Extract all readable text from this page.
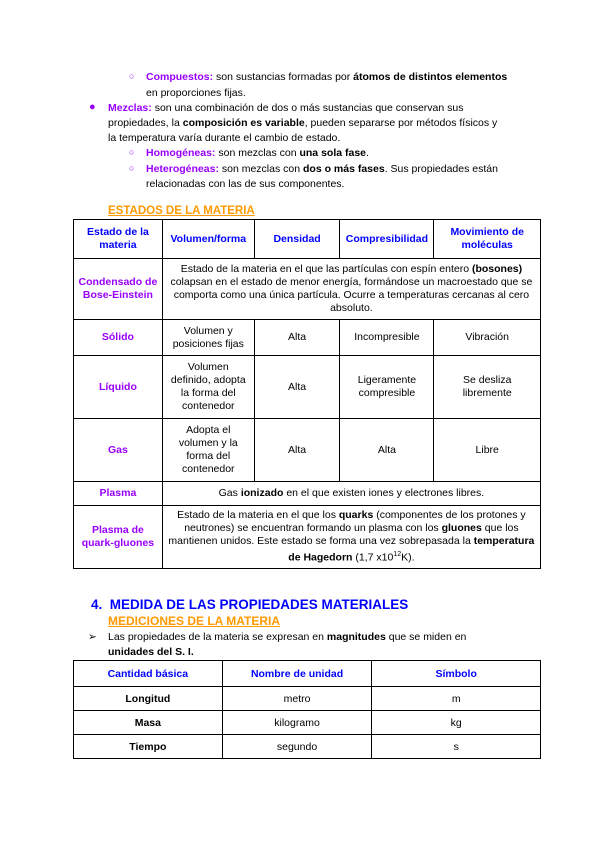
○ Compuestos: son sustancias formadas por átomos de distintos elementos
en proporciones fijas.
● Mezclas: son una combinación de dos o más sustancias que conservan sus
propiedades, la composición es variable, pueden separarse por métodos físicos y
la temperatura varía durante el cambio de estado.
○ Homogéneas: son mezclas con una sola fase.
○ Heterogéneas: son mezclas con dos o más fases. Sus propiedades están
relacionadas con las de sus componentes.
ESTADOS DE LA MATERIA
Estado de la materia	Volumen/forma	Densidad	Compresibilidad	Movimiento de moléculas
Condensado de Bose-Einstein	Estado de la materia en el que las partículas con espín entero (bosones) colapsan en el estado de menor energía, formándose un macroestado que se comporta como una única partícula. Ocurre a temperaturas cercanas al cero absoluto.			
Sólido	Volumen y posiciones fijas	Alta	Incompresible	Vibración
Líquido	Volumen definido, adopta la forma del contenedor	Alta	Ligeramente compresible	Se desliza libremente
Gas	Adopta el volumen y la forma del contenedor	Alta	Alta	Libre
Plasma	Gas ionizado en el que existen iones y electrones libres.			
Plasma de quark-gluones	Estado de la materia en el que los quarks (componentes de los protones y neutrones) se encuentran formando un plasma con los gluones que los mantienen unidos. Este estado se forma una vez sobrepasada la temperatura de Hagedorn (1,7 $x10^{12}K$).			
4. MEDIDA DE LAS PROPIEDADES MATERIALES
MEDICIONES DE LA MATERIA
➢ Las propiedades de la materia se expresan en magnitudes que se miden en
unidades del S. I.
Cantidad básica	Nombre de unidad	Símbolo
Longitud	metro	m
Masa	kilogramo	kg
Tiempo	segundo	s
